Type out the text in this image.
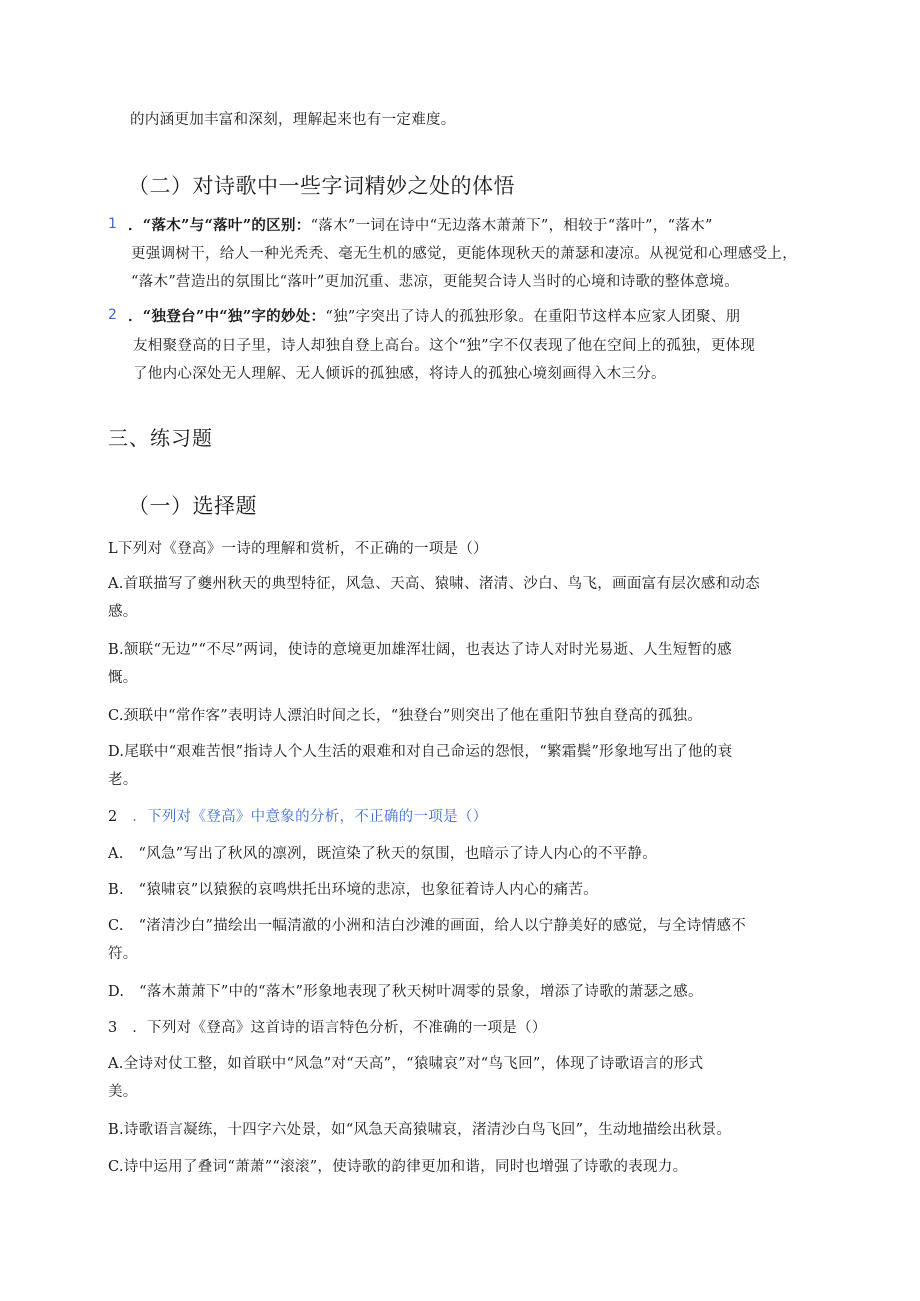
的内涵更加丰富和深刻，理解起来也有一定难度。
（二）对诗歌中一些字词精妙之处的体悟
1 ．“落木”与“落叶”的区别：“落木”一词在诗中“无边落木萧萧下”，相较于“落叶”，“落木”
更强调树干，给人一种光秃秃、毫无生机的感觉，更能体现秋天的萧瑟和凄凉。从视觉和心理感受上，
“落木”营造出的氛围比“落叶”更加沉重、悲凉，更能契合诗人当时的心境和诗歌的整体意境。
2 ．“独登台”中“独”字的妙处：“独”字突出了诗人的孤独形象。在重阳节这样本应家人团聚、朋
友相聚登高的日子里，诗人却独自登上高台。这个“独”字不仅表现了他在空间上的孤独，更体现
了他内心深处无人理解、无人倾诉的孤独感，将诗人的孤独心境刻画得入木三分。
三、练习题
（一）选择题
L下列对《登高》一诗的理解和赏析，不正确的一项是（）
A.首联描写了夔州秋天的典型特征，风急、天高、猿啸、渚清、沙白、鸟飞，画面富有层次感和动态
感。
B.颔联“无边”“不尽”两词，使诗的意境更加雄浑壮阔，也表达了诗人对时光易逝、人生短暂的感
慨。
C.颈联中“常作客”表明诗人漂泊时间之长，“独登台”则突出了他在重阳节独自登高的孤独。
D.尾联中“艰难苦恨”指诗人个人生活的艰难和对自己命运的怨恨，“繁霜鬓”形象地写出了他的衰
老。
2 ．下列对《登高》中意象的分析，不正确的一项是（）
A.　“风急”写出了秋风的凛冽，既渲染了秋天的氛围，也暗示了诗人内心的不平静。
B.　“猿啸哀”以猿猴的哀鸣烘托出环境的悲凉，也象征着诗人内心的痛苦。
C.　“渚清沙白”描绘出一幅清澈的小洲和洁白沙滩的画面，给人以宁静美好的感觉，与全诗情感不
符。
D.　“落木萧萧下”中的“落木”形象地表现了秋天树叶凋零的景象，增添了诗歌的萧瑟之感。
3 ．下列对《登高》这首诗的语言特色分析，不准确的一项是（）
A.全诗对仗工整，如首联中“风急”对“天高”，“猿啸哀”对“鸟飞回”，体现了诗歌语言的形式
美。
B.诗歌语言凝练，十四字六处景，如“风急天高猿啸哀，渚清沙白鸟飞回”，生动地描绘出秋景。
C.诗中运用了叠词“萧萧”“滚滚”，使诗歌的韵律更加和谐，同时也增强了诗歌的表现力。
